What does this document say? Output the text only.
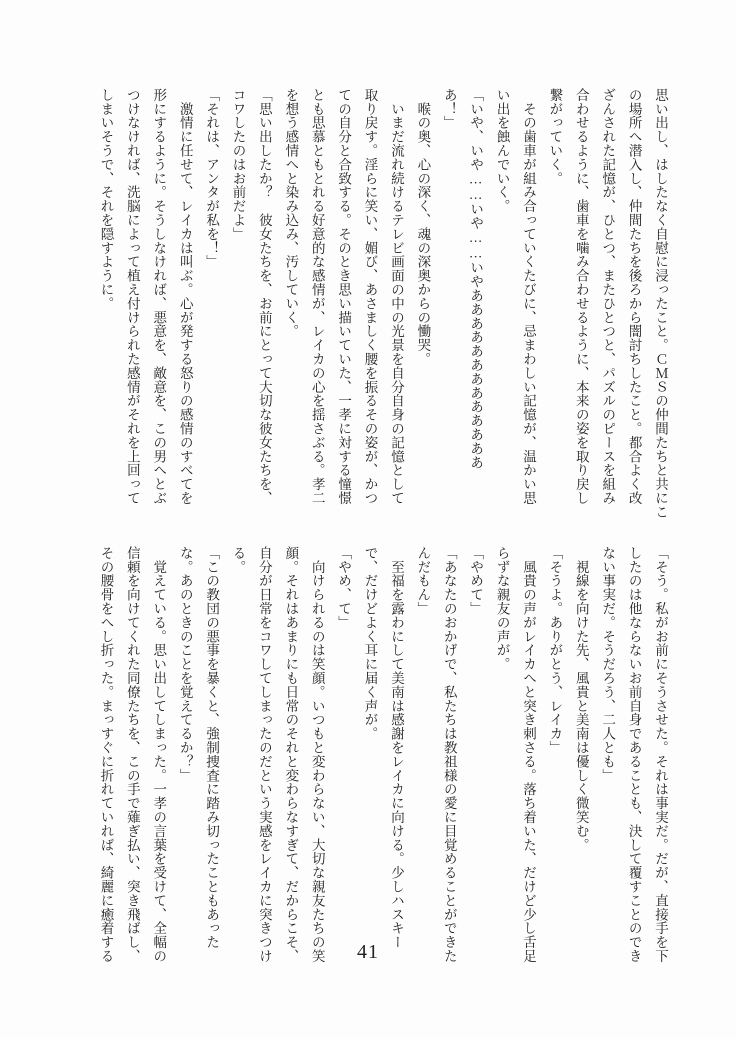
思い出し、はしたなく自慰に浸ったこと。ＣＭＳの仲間たちと共にこ
の場所へ潜入し、仲間たちを後ろから闇討ちしたこと。都合よく改
ざんされた記憶が、ひとつ、またひとつと、パズルのピースを組み
合わせるように、歯車を噛み合わせるように、本来の姿を取り戻し
繋がっていく。
　その歯車が組み合っていくたびに、忌まわしい記憶が、温かい思
い出を蝕んでいく。
「いや、いや……いや……いやあああああああああああああ
あ！」
　喉の奥、心の深く、魂の深奥からの慟哭。
　いまだ流れ続けるテレビ画面の中の光景を自分自身の記憶として
取り戻す。淫らに笑い、媚び、あさましく腰を振るその姿が、かつ
ての自分と合致する。そのとき思い描いていた、一孝に対する憧憬
とも思慕ともとれる好意的な感情が、レイカの心を揺さぶる。孝二
を想う感情へと染み込み、汚していく。
「思い出したか？　彼女たちを、お前にとって大切な彼女たちを、
コワしたのはお前だよ」
「それは、アンタが私を！」
　激情に任せて、レイカは叫ぶ。心が発する怒りの感情のすべてを
形にするように。そうしなければ、悪意を、敵意を、この男へとぶ
つけなければ、洗脳によって植え付けられた感情がそれを上回って
しまいそうで、それを隠すように。
「そう。私がお前にそうさせた。それは事実だ。だが、直接手を下
したのは他ならないお前自身であることも、決して覆すことのでき
ない事実だ。そうだろう、二人とも」
　視線を向けた先、風貴と美南は優しく微笑む。
「そうよ。ありがとう、レイカ」
　風貴の声がレイカへと突き刺さる。落ち着いた、だけど少し舌足
らずな親友の声が。
「やめて」
「あなたのおかげで、私たちは教祖様の愛に目覚めることができた
んだもん」
　至福を露わにして美南は感謝をレイカに向ける。少しハスキー
で、だけどよく耳に届く声が。
「やめ、て」
　向けられるのは笑顔。いつもと変わらない、大切な親友たちの笑
顔。それはあまりにも日常のそれと変わらなすぎて、だからこそ、
自分が日常をコワしてしまったのだという実感をレイカに突きつけ
る。
「この教団の悪事を暴くと、強制捜査に踏み切ったこともあった
な。あのときのことを覚えてるか？」
　覚えている。思い出してしまった。一孝の言葉を受けて、全幅の
信頼を向けてくれた同僚たちを、この手で薙ぎ払い、突き飛ばし、
その腰骨をへし折った。まっすぐに折れていれば、綺麗に癒着する	41
